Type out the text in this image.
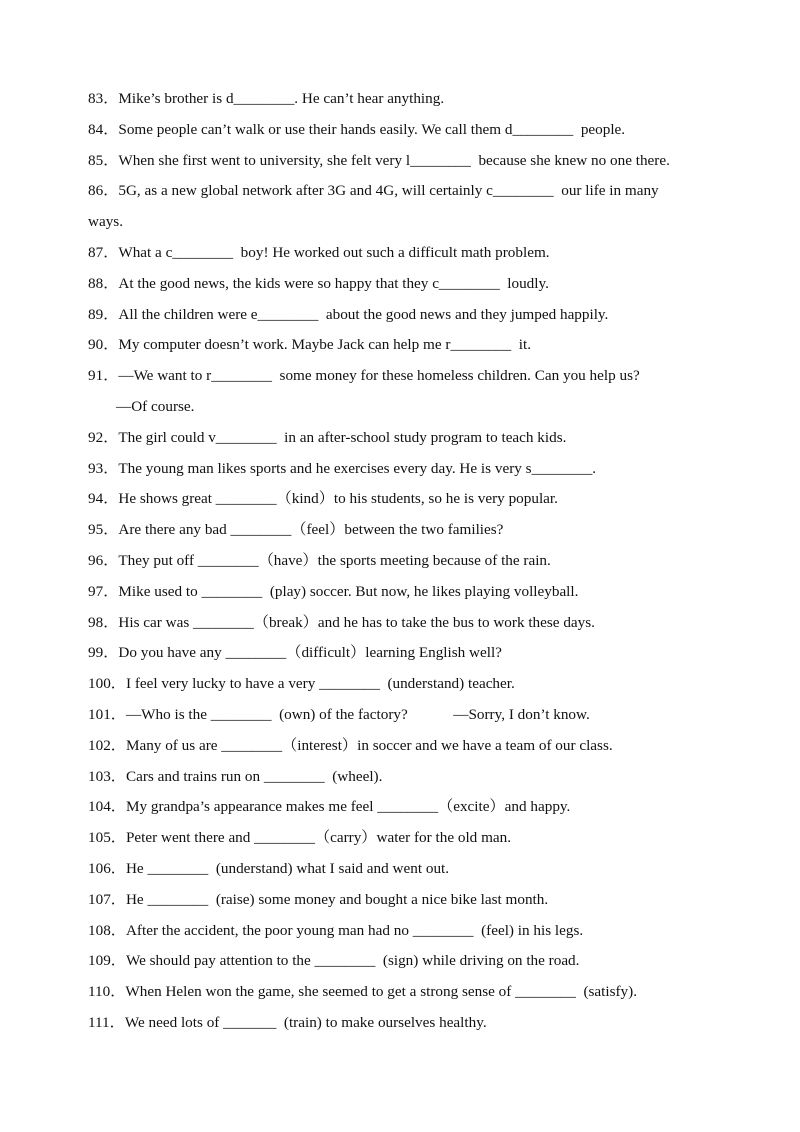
83．Mike’s brother is d________. He can’t hear anything.
84．Some people can’t walk or use their hands easily. We call them d________  people.
85．When she first went to university, she felt very l________  because she knew no one there.
86．5G, as a new global network after 3G and 4G, will certainly c________  our life in many
ways.
87．What a c________  boy! He worked out such a difficult math problem.
88．At the good news, the kids were so happy that they c________  loudly.
89．All the children were e________  about the good news and they jumped happily.
90．My computer doesn’t work. Maybe Jack can help me r________  it.
91．—We want to r________  some money for these homeless children. Can you help us?
—Of course.
92．The girl could v________  in an after-school study program to teach kids.
93．The young man likes sports and he exercises every day. He is very s________.
94．He shows great ________（kind）to his students, so he is very popular.
95．Are there any bad ________（feel）between the two families?
96．They put off ________（have）the sports meeting because of the rain.
97．Mike used to ________  (play) soccer. But now, he likes playing volleyball.
98．His car was ________（break）and he has to take the bus to work these days.
99．Do you have any ________（difficult）learning English well?
100．I feel very lucky to have a very ________  (understand) teacher.
101．—Who is the ________  (own) of the factory?            —Sorry, I don’t know.
102．Many of us are ________（interest）in soccer and we have a team of our class.
103．Cars and trains run on ________  (wheel).
104．My grandpa’s appearance makes me feel ________（excite）and happy.
105．Peter went there and ________（carry）water for the old man.
106．He ________  (understand) what I said and went out.
107．He ________  (raise) some money and bought a nice bike last month.
108．After the accident, the poor young man had no ________  (feel) in his legs.
109．We should pay attention to the ________  (sign) while driving on the road.
110．When Helen won the game, she seemed to get a strong sense of ________  (satisfy).
111．We need lots of _______  (train) to make ourselves healthy.
